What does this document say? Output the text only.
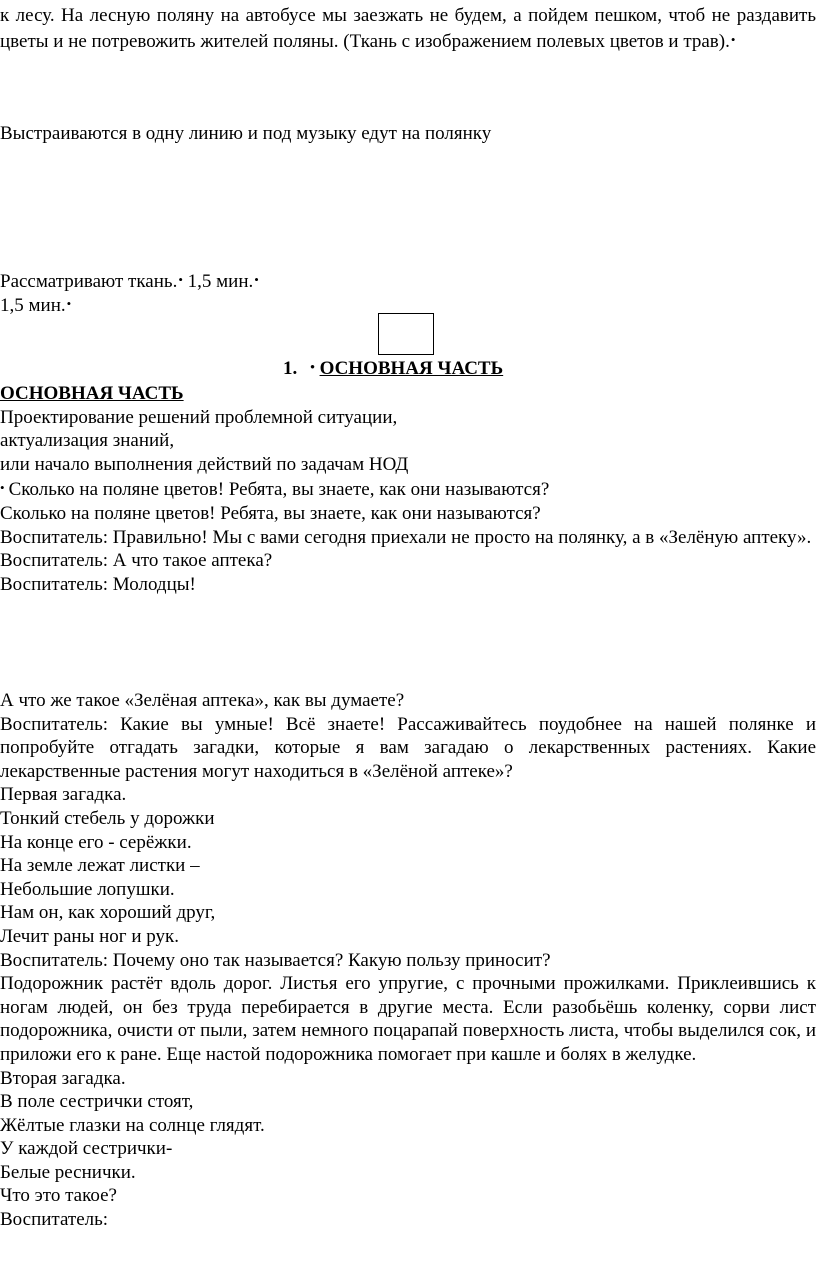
к лесу. На лесную поляну на автобусе мы заезжать не будем, а пойдем пешком, чтоб не раздавить цветы и не потревожить жителей поляны. (Ткань с изображением полевых цветов и трав).•

Выстраиваются в одну линию и под музыку едут на полянку

Рассматривают ткань.• 1,5 мин.•

1,5 мин.•

1. • ОСНОВНАЯ ЧАСТЬ

ОСНОВНАЯ ЧАСТЬ

Проектирование решений проблемной ситуации,

актуализация знаний,

или начало выполнения действий по задачам НОД

• Сколько на поляне цветов! Ребята, вы знаете, как они называются?

Сколько на поляне цветов! Ребята, вы знаете, как они называются?

Воспитатель: Правильно! Мы с вами сегодня приехали не просто на полянку, а в «Зелёную аптеку».

Воспитатель: А что такое аптека?

Воспитатель: Молодцы!

А что же такое «Зелёная аптека», как вы думаете?

Воспитатель: Какие вы умные! Всё знаете! Рассаживайтесь поудобнее на нашей полянке и попробуйте отгадать загадки, которые я вам загадаю о лекарственных растениях. Какие лекарственные растения могут находиться в «Зелёной аптеке»?

Первая загадка.

Тонкий стебель у дорожки

На конце его - серёжки.

На земле лежат листки –

Небольшие лопушки.

Нам он, как хороший друг,

Лечит раны ног и рук.

Воспитатель: Почему оно так называется? Какую пользу приносит?

Подорожник растёт вдоль дорог. Листья его упругие, с прочными прожилками. Приклеившись к ногам людей, он без труда перебирается в другие места. Если разобьёшь коленку, сорви лист подорожника, очисти от пыли, затем немного поцарапай поверхность листа, чтобы выделился сок, и приложи его к ране. Еще настой подорожника помогает при кашле и болях в желудке.

Вторая загадка.

В поле сестрички стоят,

Жёлтые глазки на солнце глядят.

У каждой сестрички-

Белые реснички.

Что это такое?

Воспитатель:
